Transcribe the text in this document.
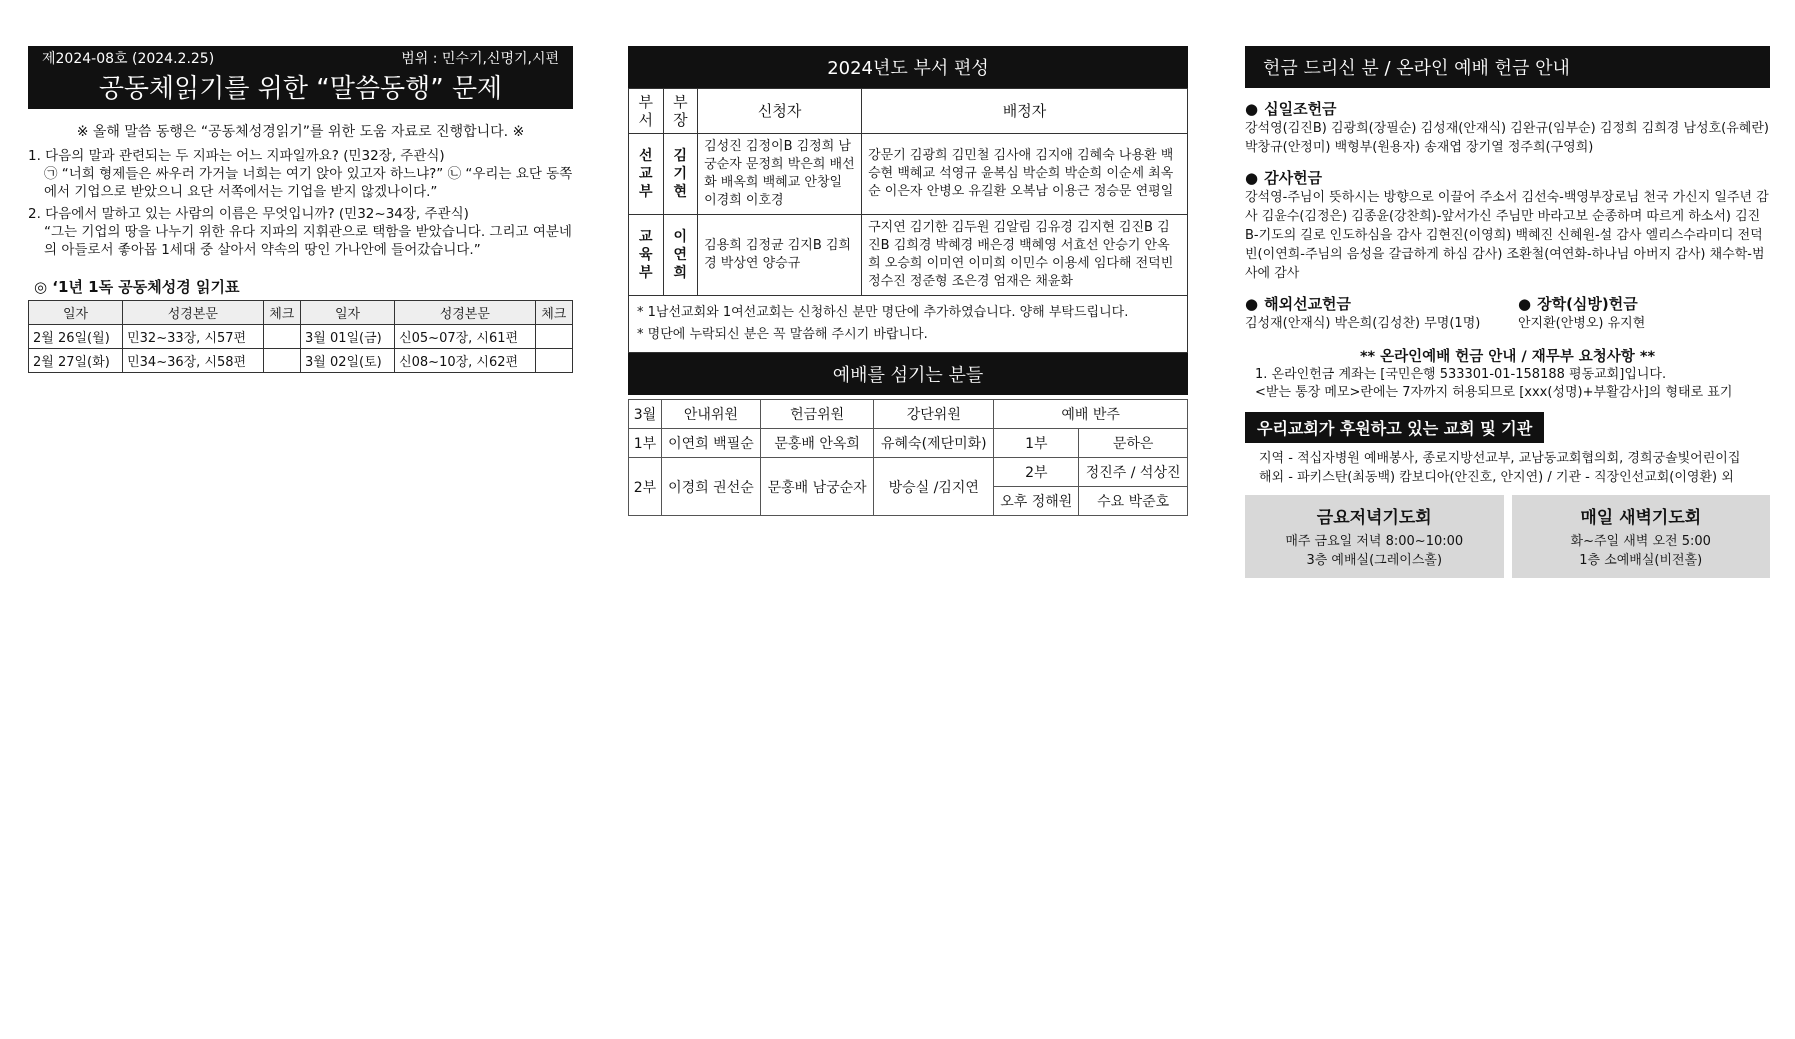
제2024-08호 (2024.2.25)	범위 : 민수기,신명기,시편
공동체읽기를 위한 “말씀동행” 문제
※ 올해 말씀 동행은 “공동체성경읽기”를 위한 도움 자료로 진행합니다. ※
1. 다음의 말과 관련되는 두 지파는 어느 지파일까요? (민32장, 주관식)
㉠ “너희 형제들은 싸우러 가거늘 너희는 여기 앉아 있고자 하느냐?” ㉡ “우리는 요단 동쪽에서 기업으로 받았으니 요단 서쪽에서는 기업을 받지 않겠나이다.”
2. 다음에서 말하고 있는 사람의 이름은 무엇입니까? (민32~34장, 주관식)
“그는 기업의 땅을 나누기 위한 유다 지파의 지휘관으로 택함을 받았습니다. 그리고 여분네의 아들로서 좋아몹 1세대 중 살아서 약속의 땅인 가나안에 들어갔습니다.”
◎ ‘1년 1독 공동체성경 읽기표
일자	성경본문	체크	일자	성경본문	체크
2월 26일(월)	민32~33장, 시57편		3월 01일(금)	신05~07장, 시61편	
2월 27일(화)	민34~36장, 시58편		3월 02일(토)	신08~10장, 시62편	
2024년도 부서 편성
부서	부장	신청자	배정자
선교부	김기현	김성진 김정이B 김정희 남궁순자 문정희 박은희 배선화 배옥희 백혜교 안창일 이경희 이호경	강문기 김광희 김민철 김사애 김지애 김혜숙 나용환 백승현 백혜교 석영규 윤복심 박순희 박순희 이순세 최옥순 이은자 안병오 유길환 오복남 이용근 정승문 연평일
교육부	이연희	김용희 김정균 김지B 김희경 박상연 양승규	구지연 김기한 김두원 김알림 김유경 김지현 김진B 김진B 김희경 박혜경 배은경 백혜영 서효선 안승기 안옥희 오승희 이미연 이미희 이민수 이용세 임다해 전덕빈 정수진 정준형 조은경 엄재은 채윤화
* 1남선교회와 1여선교회는 신청하신 분만 명단에 추가하였습니다. 양해 부탁드립니다.
* 명단에 누락되신 분은 꼭 말씀해 주시기 바랍니다.
예배를 섬기는 분들
3월	안내위원	헌금위원	강단위원	예배 반주	
1부	이연희 백필순	문홍배 안옥희	유혜숙(제단미화)	1부	문하은
2부	이경희 권선순	문홍배 남궁순자	방승실 /김지연	2부	정진주 / 석상진
				오후 정해원	수요 박준호
헌금 드리신 분 / 온라인 예배 헌금 안내
● 십일조헌금
강석영(김진B) 김광희(장필순) 김성재(안재식) 김완규(임부순) 김정희 김희경 남성호(유혜란) 박창규(안정미) 백형부(원용자) 송재엽 장기열 정주희(구영희)
● 감사헌금
강석영-주님이 뜻하시는 방향으로 이끌어 주소서 김선숙-백영부장로님 천국 가신지 일주년 감사 김윤수(김정은) 김종윤(강찬희)-앞서가신 주님만 바라고보 순종하며 따르게 하소서) 김진B-기도의 길로 인도하심을 감사 김현진(이영희) 백혜진 신혜원-설 감사 엘리스수라미디 전덕빈(이연희-주님의 음성을 갈급하게 하심 감사) 조환철(여연화-하나님 아버지 감사) 채수학-범사에 감사
● 해외선교헌금
김성재(안재식) 박은희(김성찬) 무명(1명)
● 장학(심방)헌금
안지환(안병오) 유지현
** 온라인예배 헌금 안내 / 재무부 요청사항 **
1. 온라인헌금 계좌는 [국민은행 533301-01-158188 평동교회]입니다.
<받는 통장 메모>란에는 7자까지 허용되므로 [xxx(성명)+부활감사]의 형태로 표기
우리교회가 후원하고 있는 교회 및 기관
지역 - 적십자병원 예배봉사, 종로지방선교부, 교남동교회협의회, 경희궁솔빛어린이집
해외 - 파키스탄(최동백) 캄보디아(안진호, 안지연) / 기관 - 직장인선교회(이영환) 외
금요저녁기도회
매주 금요일 저녁 8:00~10:00
3층 예배실(그레이스홀)
매일 새벽기도회
화~주일 새벽 오전 5:00
1층 소예배실(비전홀)
